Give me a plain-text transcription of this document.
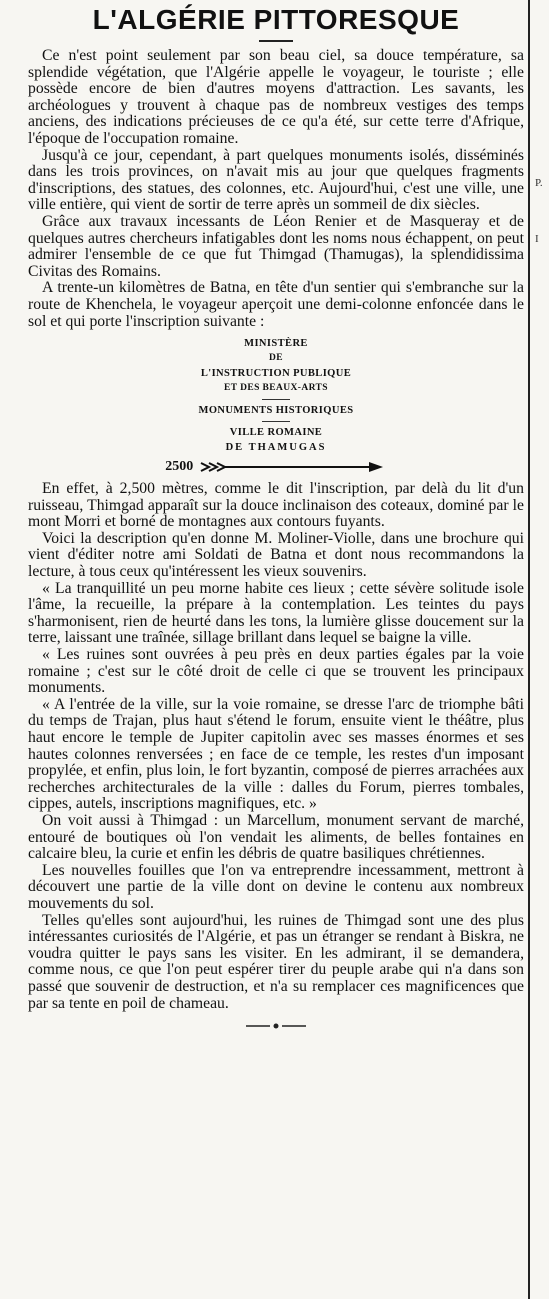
L'ALGÉRIE PITTORESQUE

Ce n'est point seulement par son beau ciel, sa douce température, sa splendide végétation, que l'Algérie appelle le voyageur, le touriste ; elle possède encore de bien d'autres moyens d'attraction. Les savants, les archéologues y trouvent à chaque pas de nombreux vestiges des temps anciens, des indications précieuses de ce qu'a été, sur cette terre d'Afrique, l'époque de l'occupation romaine.

Jusqu'à ce jour, cependant, à part quelques monuments isolés, disséminés dans les trois provinces, on n'avait mis au jour que quelques fragments d'inscriptions, des statues, des colonnes, etc. Aujourd'hui, c'est une ville, une ville entière, qui vient de sortir de terre après un sommeil de dix siècles.

Grâce aux travaux incessants de Léon Renier et de Masqueray et de quelques autres chercheurs infatigables dont les noms nous échappent, on peut admirer l'ensemble de ce que fut Thimgad (Thamugas), la splendidissima Civitas des Romains.

A trente-un kilomètres de Batna, en tête d'un sentier qui s'embranche sur la route de Khenchela, le voyageur aperçoit une demi-colonne enfoncée dans le sol et qui porte l'inscription suivante :

MINISTÈRE
DE
L'INSTRUCTION PUBLIQUE
ET DES BEAUX-ARTS
MONUMENTS HISTORIQUES
VILLE ROMAINE
DE THAMUGAS
2500

En effet, à 2,500 mètres, comme le dit l'inscription, par delà du lit d'un ruisseau, Thimgad apparaît sur la douce inclinaison des coteaux, dominé par le mont Morri et borné de montagnes aux contours fuyants.

Voici la description qu'en donne M. Moliner-Violle, dans une brochure qui vient d'éditer notre ami Soldati de Batna et dont nous recommandons la lecture, à tous ceux qu'intéressent les vieux souvenirs.

« La tranquillité un peu morne habite ces lieux ; cette sévère solitude isole l'âme, la recueille, la prépare à la contemplation. Les teintes du pays s'harmonisent, rien de heurté dans les tons, la lumière glisse doucement sur la terre, laissant une traînée, sillage brillant dans lequel se baigne la ville.

« Les ruines sont ouvrées à peu près en deux parties égales par la voie romaine ; c'est sur le côté droit de celle ci que se trouvent les principaux monuments.

« A l'entrée de la ville, sur la voie romaine, se dresse l'arc de triomphe bâti du temps de Trajan, plus haut s'étend le forum, ensuite vient le théâtre, plus haut encore le temple de Jupiter capitolin avec ses masses énormes et ses hautes colonnes renversées ; en face de ce temple, les restes d'un imposant propylée, et enfin, plus loin, le fort byzantin, composé de pierres arrachées aux recherches architecturales de la ville : dalles du Forum, pierres tombales, cippes, autels, inscriptions magnifiques, etc. »

On voit aussi à Thimgad : un Marcellum, monument servant de marché, entouré de boutiques où l'on vendait les aliments, de belles fontaines en calcaire bleu, la curie et enfin les débris de quatre basiliques chrétiennes.

Les nouvelles fouilles que l'on va entreprendre incessamment, mettront à découvert une partie de la ville dont on devine le contenu aux nombreux mouvements du sol.

Telles qu'elles sont aujourd'hui, les ruines de Thimgad sont une des plus intéressantes curiosités de l'Algérie, et pas un étranger se rendant à Biskra, ne voudra quitter le pays sans les visiter. En les admirant, il se demandera, comme nous, ce que l'on peut espérer tirer du peuple arabe qui n'a dans son passé que souvenir de destruction, et n'a su remplacer ces magnificences que par sa tente en poil de chameau.

P.
I
